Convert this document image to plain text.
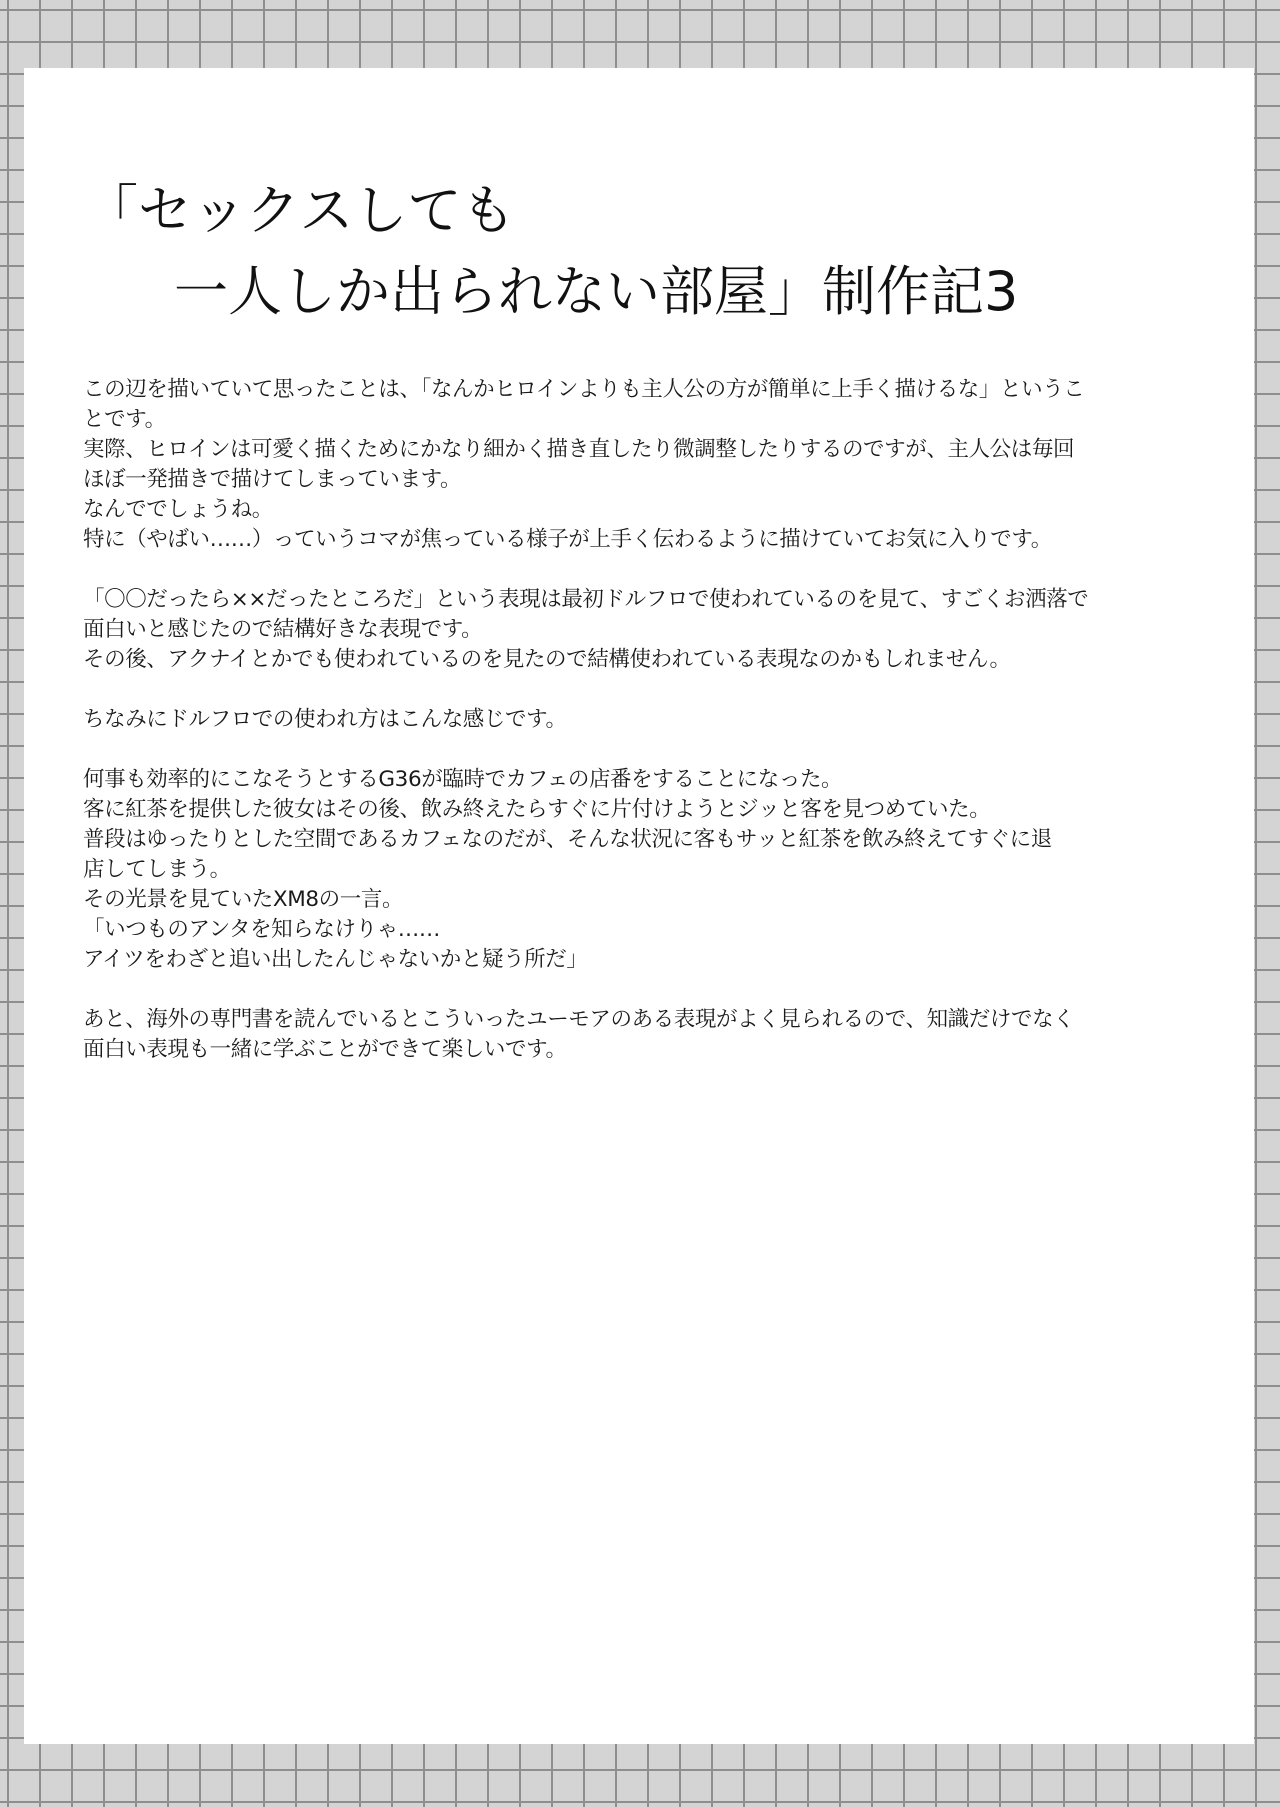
「セックスしても
一人しか出られない部屋」制作記3

この辺を描いていて思ったことは、「なんかヒロインよりも主人公の方が簡単に上手く描けるな」というこ

とです。

実際、ヒロインは可愛く描くためにかなり細かく描き直したり微調整したりするのですが、主人公は毎回

ほぼ一発描きで描けてしまっています。

なんででしょうね。

特に（やばい……）っていうコマが焦っている様子が上手く伝わるように描けていてお気に入りです。

「〇〇だったら××だったところだ」という表現は最初ドルフロで使われているのを見て、すごくお洒落で

面白いと感じたので結構好きな表現です。

その後、アクナイとかでも使われているのを見たので結構使われている表現なのかもしれません。

ちなみにドルフロでの使われ方はこんな感じです。

何事も効率的にこなそうとするG36が臨時でカフェの店番をすることになった。

客に紅茶を提供した彼女はその後、飲み終えたらすぐに片付けようとジッと客を見つめていた。

普段はゆったりとした空間であるカフェなのだが、そんな状況に客もサッと紅茶を飲み終えてすぐに退

店してしまう。

その光景を見ていたXM8の一言。

「いつものアンタを知らなけりゃ……

アイツをわざと追い出したんじゃないかと疑う所だ」

あと、海外の専門書を読んでいるとこういったユーモアのある表現がよく見られるので、知識だけでなく

面白い表現も一緒に学ぶことができて楽しいです。
